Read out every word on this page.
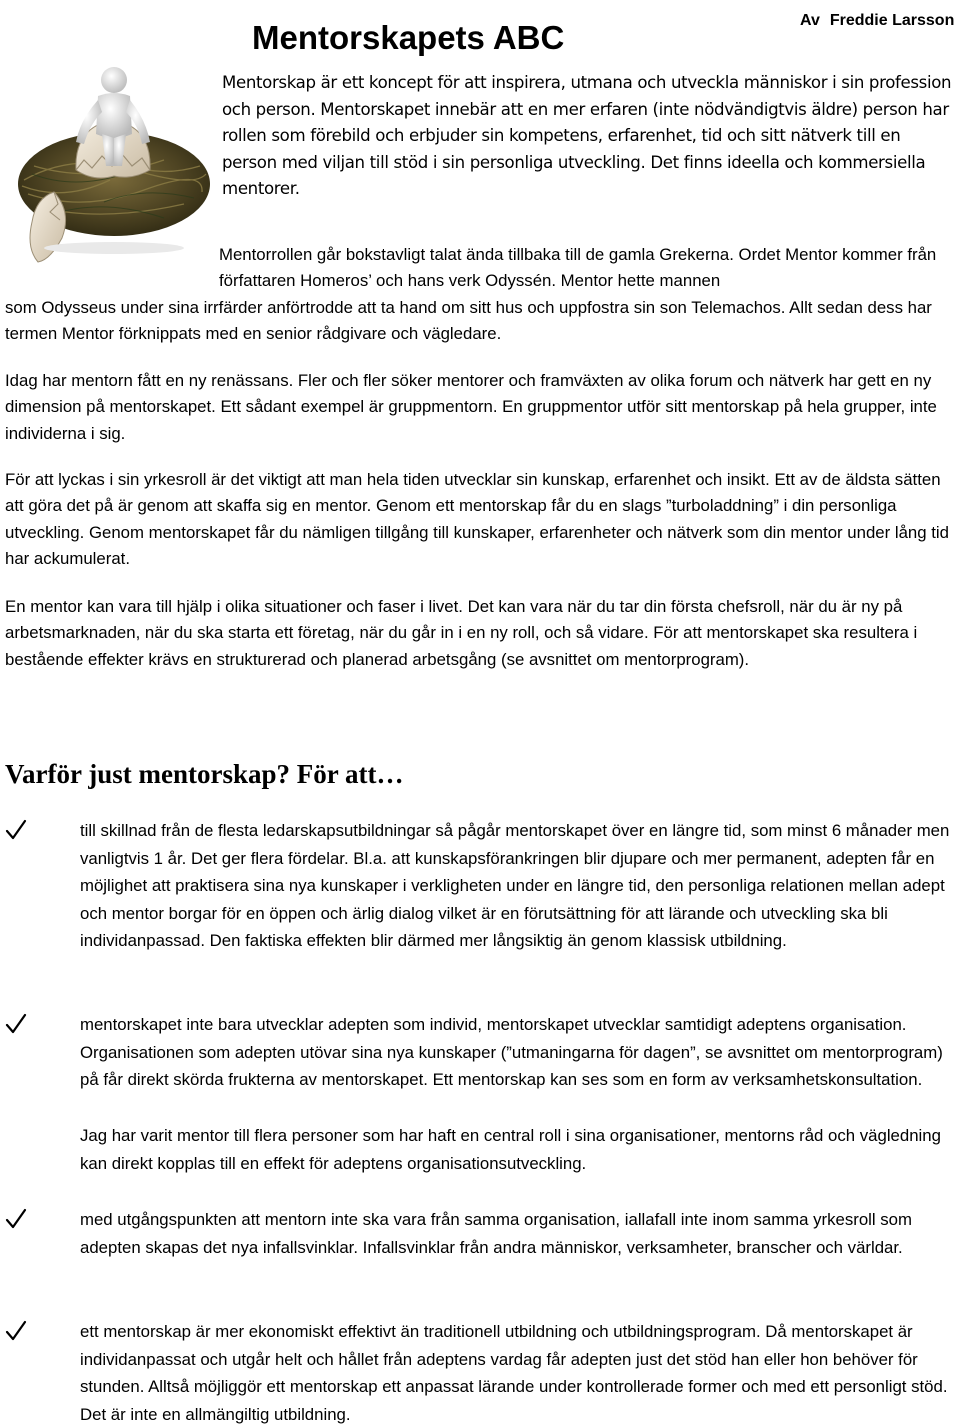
Mentorskapets ABC	Av Freddie Larsson

Mentorskap är ett koncept för att inspirera, utmana och utveckla människor i sin profession och person. Mentorskapet innebär att en mer erfaren (inte nödvändigtvis äldre) person har rollen som förebild och erbjuder sin kompetens, erfarenhet, tid och sitt nätverk till en person med viljan till stöd i sin personliga utveckling. Det finns ideella och kommersiella mentorer.

Mentorrollen går bokstavligt talat ända tillbaka till de gamla Grekerna. Ordet Mentor kommer från författaren Homeros’ och hans verk Odyssén. Mentor hette mannen

som Odysseus under sina irrfärder anförtrodde att ta hand om sitt hus och uppfostra sin son Telemachos. Allt sedan dess har termen Mentor förknippats med en senior rådgivare och vägledare.

Idag har mentorn fått en ny renässans. Fler och fler söker mentorer och framväxten av olika forum och nätverk har gett en ny dimension på mentorskapet. Ett sådant exempel är gruppmentorn. En gruppmentor utför sitt mentorskap på hela grupper, inte individerna i sig.

För att lyckas i sin yrkesroll är det viktigt att man hela tiden utvecklar sin kunskap, erfarenhet och insikt. Ett av de äldsta sätten att göra det på är genom att skaffa sig en mentor. Genom ett mentorskap får du en slags ”turboladdning” i din personliga utveckling. Genom mentorskapet får du nämligen tillgång till kunskaper, erfarenheter och nätverk som din mentor under lång tid har ackumulerat.

En mentor kan vara till hjälp i olika situationer och faser i livet. Det kan vara när du tar din första chefsroll, när du är ny på arbetsmarknaden, när du ska starta ett företag, när du går in i en ny roll, och så vidare. För att mentorskapet ska resultera i bestående effekter krävs en strukturerad och planerad arbetsgång (se avsnittet om mentorprogram).

Varför just mentorskap? För att…

till skillnad från de flesta ledarskapsutbildningar så pågår mentorskapet över en längre tid, som minst 6 månader men vanligtvis 1 år. Det ger flera fördelar. Bl.a. att kunskapsförankringen blir djupare och mer permanent, adepten får en möjlighet att praktisera sina nya kunskaper i verkligheten under en längre tid, den personliga relationen mellan adept och mentor borgar för en öppen och ärlig dialog vilket är en förutsättning för att lärande och utveckling ska bli individanpassad. Den faktiska effekten blir därmed mer långsiktig än genom klassisk utbildning.

mentorskapet inte bara utvecklar adepten som individ, mentorskapet utvecklar samtidigt adeptens organisation. Organisationen som adepten utövar sina nya kunskaper (”utmaningarna för dagen”, se avsnittet om mentorprogram) på får direkt skörda frukterna av mentorskapet. Ett mentorskap kan ses som en form av verksamhetskonsultation.

Jag har varit mentor till flera personer som har haft en central roll i sina organisationer, mentorns råd och vägledning kan direkt kopplas till en effekt för adeptens organisationsutveckling.

med utgångspunkten att mentorn inte ska vara från samma organisation, iallafall inte inom samma yrkesroll som adepten skapas det nya infallsvinklar. Infallsvinklar från andra människor, verksamheter, branscher och världar.

ett mentorskap är mer ekonomiskt effektivt än traditionell utbildning och utbildningsprogram. Då mentorskapet är individanpassat och utgår helt och hållet från adeptens vardag får adepten just det stöd han eller hon behöver för stunden. Alltså möjliggör ett mentorskap ett anpassat lärande under kontrollerade former och med ett personligt stöd. Det är inte en allmängiltig utbildning.
